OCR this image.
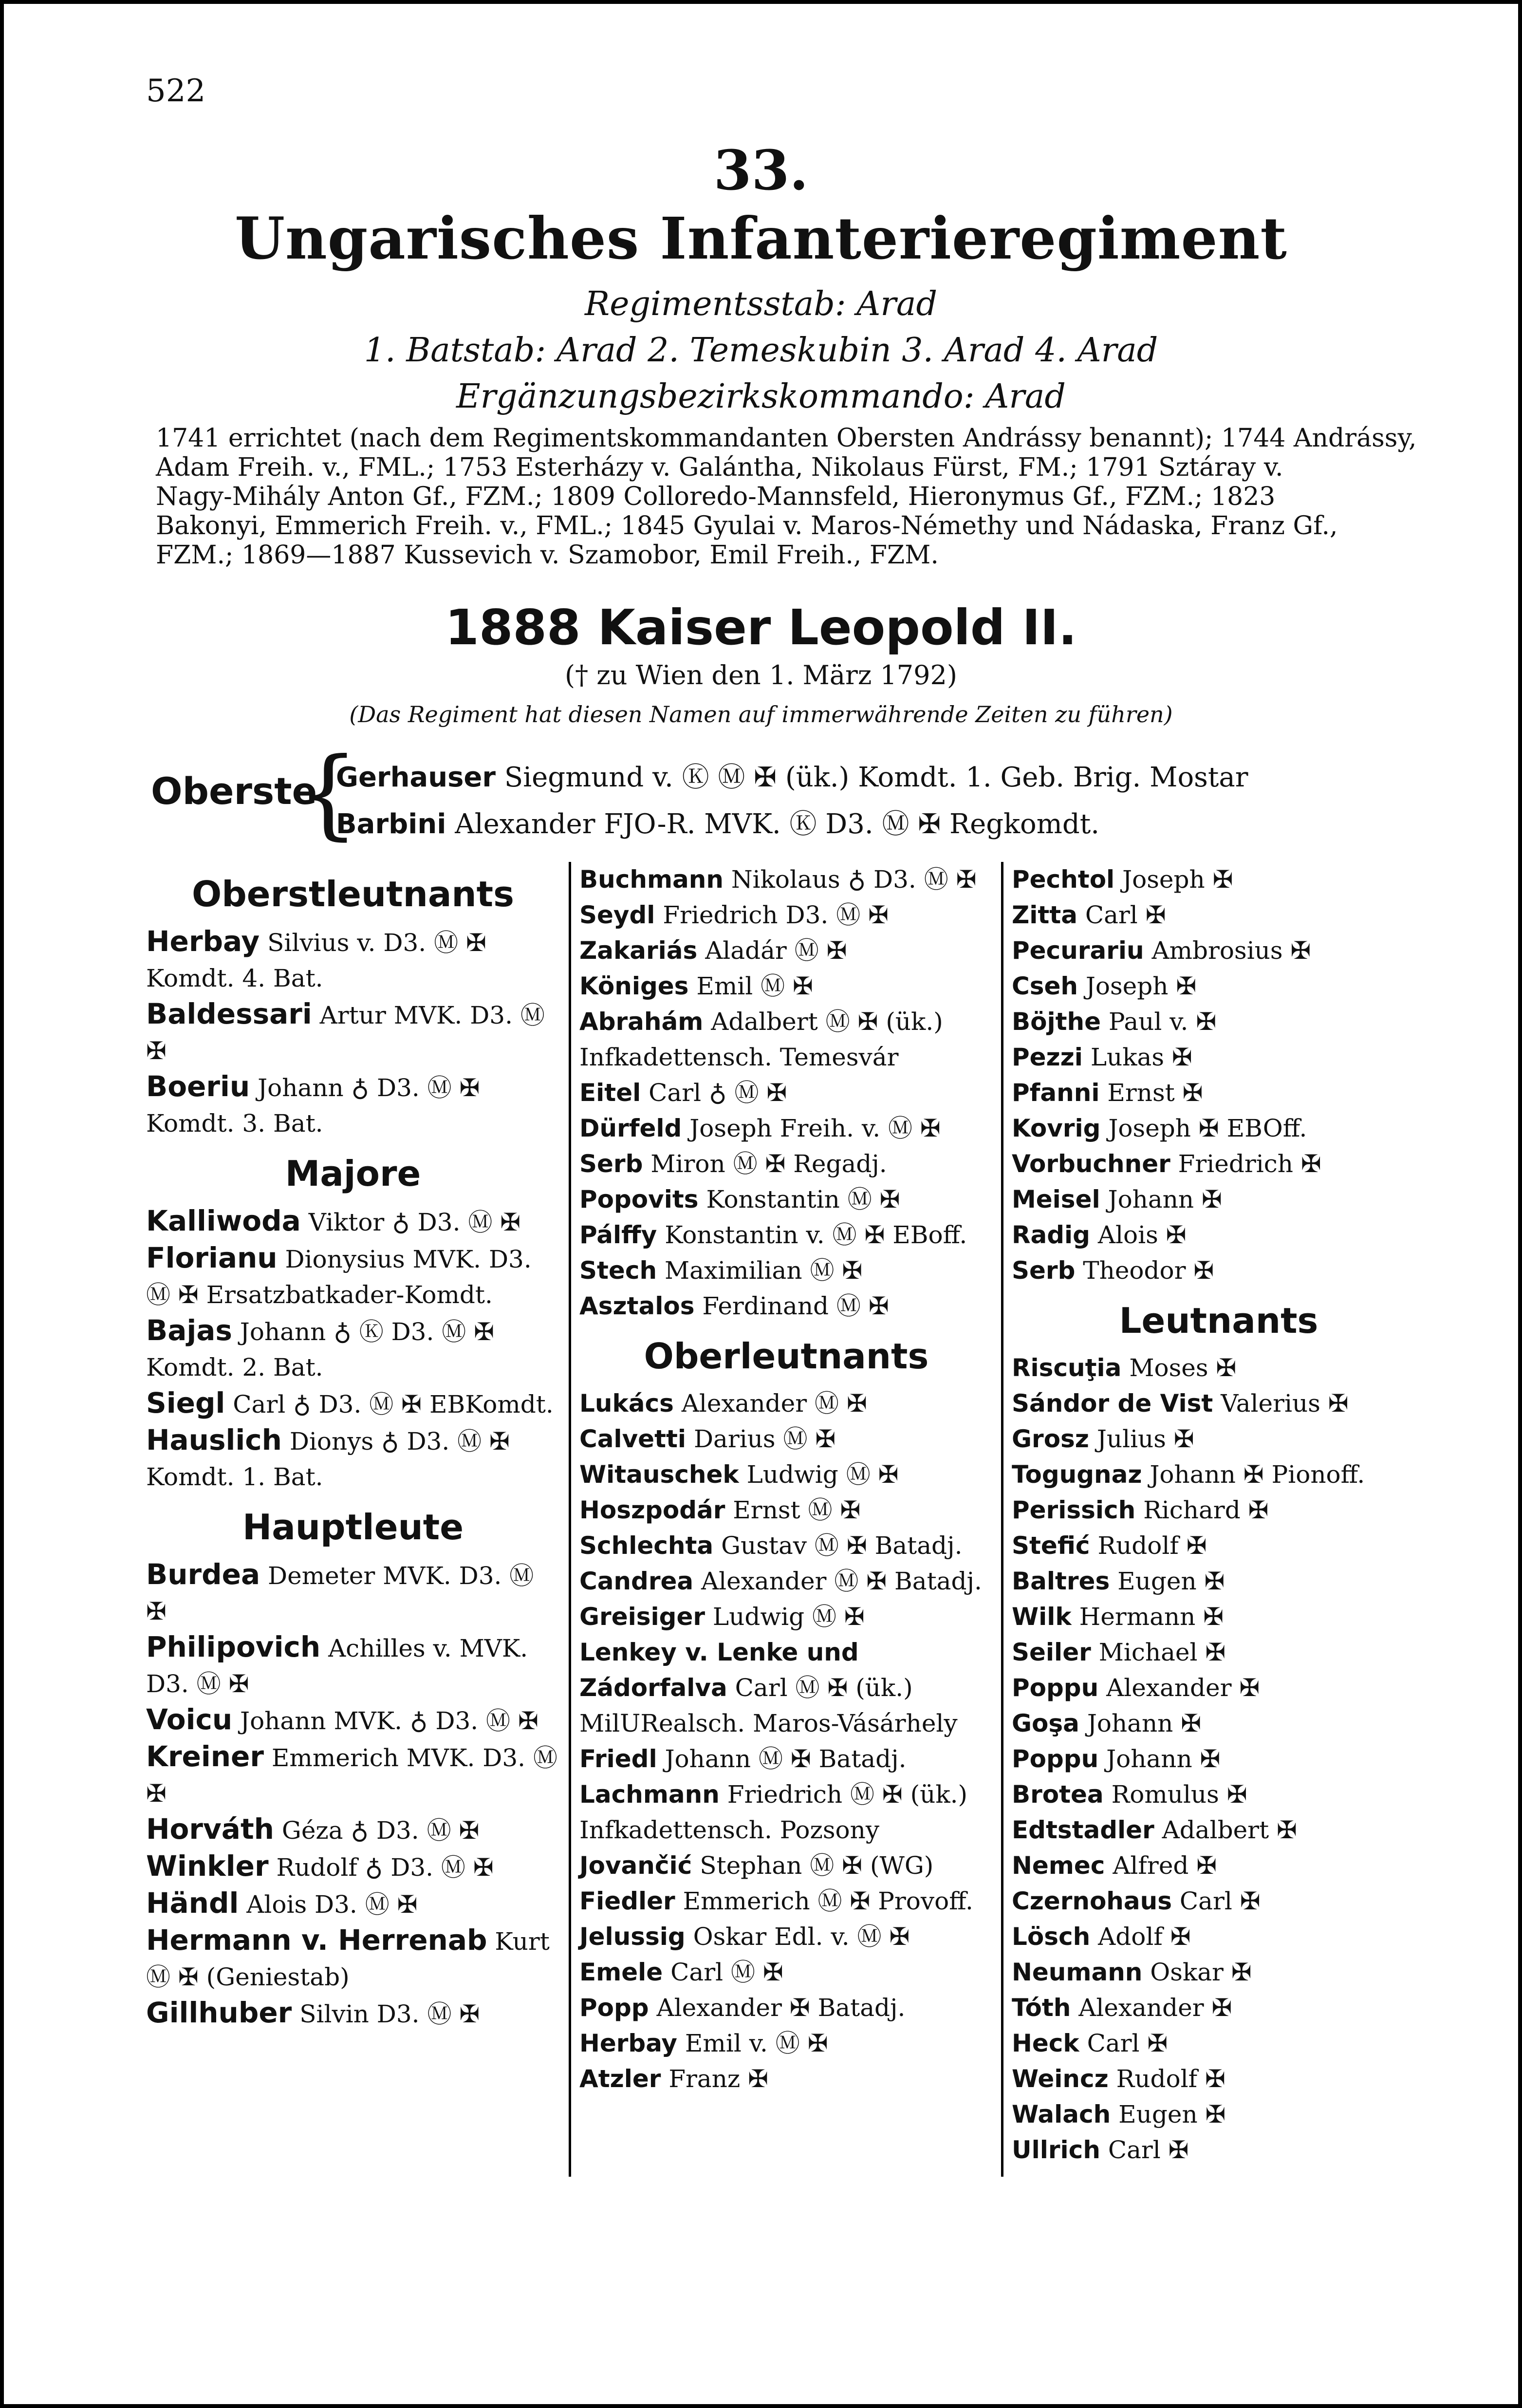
522
33.
Ungarisches Infanterieregiment
Regimentsstab: Arad
1. Batstab: Arad 2. Temeskubin 3. Arad 4. Arad
Ergänzungsbezirkskommando: Arad

1741 errichtet (nach dem Regimentskommandanten Obersten Andrássy benannt); 1744 Andrássy,

Adam Freih. v., FML.; 1753 Esterházy v. Galántha, Nikolaus Fürst, FM.; 1791 Sztáray v.

Nagy-Mihály Anton Gf., FZM.; 1809 Colloredo-Mannsfeld, Hieronymus Gf., FZM.; 1823

Bakonyi, Emmerich Freih. v., FML.; 1845 Gyulai v. Maros-Némethy und Nádaska, Franz Gf.,

FZM.; 1869—1887 Kussevich v. Szamobor, Emil Freih., FZM.

1888 Kaiser Leopold II.
(† zu Wien den 1. März 1792)
(Das Regiment hat diesen Namen auf immerwährende Zeiten zu führen)
Oberste
{
Gerhauser Siegmund v. Ⓚ Ⓜ ✠ (ük.) Komdt. 1. Geb. Brig. Mostar
Barbini Alexander FJO-R. MVK. Ⓚ D3. Ⓜ ✠ Regkomdt.
Oberstleutnants

Herbay Silvius v. D3. Ⓜ ✠ Komdt. 4. Bat.

Baldessari Artur MVK. D3. Ⓜ ✠

Boeriu Johann ♁ D3. Ⓜ ✠ Komdt. 3. Bat.

Majore

Kalliwoda Viktor ♁ D3. Ⓜ ✠

Florianu Dionysius MVK. D3. Ⓜ ✠ Ersatzbatkader-Komdt.

Bajas Johann ♁ Ⓚ D3. Ⓜ ✠ Komdt. 2. Bat.

Siegl Carl ♁ D3. Ⓜ ✠ EBKomdt.

Hauslich Dionys ♁ D3. Ⓜ ✠ Komdt. 1. Bat.

Hauptleute

Burdea Demeter MVK. D3. Ⓜ ✠

Philipovich Achilles v. MVK. D3. Ⓜ ✠

Voicu Johann MVK. ♁ D3. Ⓜ ✠

Kreiner Emmerich MVK. D3. Ⓜ ✠

Horváth Géza ♁ D3. Ⓜ ✠

Winkler Rudolf ♁ D3. Ⓜ ✠

Händl Alois D3. Ⓜ ✠

Hermann v. Herrenab Kurt Ⓜ ✠ (Geniestab)

Gillhuber Silvin D3. Ⓜ ✠

Buchmann Nikolaus ♁ D3. Ⓜ ✠

Seydl Friedrich D3. Ⓜ ✠

Zakariás Aladár Ⓜ ✠

Königes Emil Ⓜ ✠

Abrahám Adalbert Ⓜ ✠ (ük.) Infkadettensch. Temesvár

Eitel Carl ♁ Ⓜ ✠

Dürfeld Joseph Freih. v. Ⓜ ✠

Serb Miron Ⓜ ✠ Regadj.

Popovits Konstantin Ⓜ ✠

Pálffy Konstantin v. Ⓜ ✠ EBoff.

Stech Maximilian Ⓜ ✠

Asztalos Ferdinand Ⓜ ✠

Oberleutnants

Lukács Alexander Ⓜ ✠

Calvetti Darius Ⓜ ✠

Witauschek Ludwig Ⓜ ✠

Hoszpodár Ernst Ⓜ ✠

Schlechta Gustav Ⓜ ✠ Batadj.

Candrea Alexander Ⓜ ✠ Batadj.

Greisiger Ludwig Ⓜ ✠

Lenkey v. Lenke und Zádorfalva Carl Ⓜ ✠ (ük.) MilURealsch. Maros-Vásárhely

Friedl Johann Ⓜ ✠ Batadj.

Lachmann Friedrich Ⓜ ✠ (ük.) Infkadettensch. Pozsony

Jovančić Stephan Ⓜ ✠ (WG)

Fiedler Emmerich Ⓜ ✠ Provoff.

Jelussig Oskar Edl. v. Ⓜ ✠

Emele Carl Ⓜ ✠

Popp Alexander ✠ Batadj.

Herbay Emil v. Ⓜ ✠

Atzler Franz ✠

Pechtol Joseph ✠

Zitta Carl ✠

Pecurariu Ambrosius ✠

Cseh Joseph ✠

Böjthe Paul v. ✠

Pezzi Lukas ✠

Pfanni Ernst ✠

Kovrig Joseph ✠ EBOff.

Vorbuchner Friedrich ✠

Meisel Johann ✠

Radig Alois ✠

Serb Theodor ✠

Leutnants

Riscuţia Moses ✠

Sándor de Vist Valerius ✠

Grosz Julius ✠

Togugnaz Johann ✠ Pionoff.

Perissich Richard ✠

Stefić Rudolf ✠

Baltres Eugen ✠

Wilk Hermann ✠

Seiler Michael ✠

Poppu Alexander ✠

Goşa Johann ✠

Poppu Johann ✠

Brotea Romulus ✠

Edtstadler Adalbert ✠

Nemec Alfred ✠

Czernohaus Carl ✠

Lösch Adolf ✠

Neumann Oskar ✠

Tóth Alexander ✠

Heck Carl ✠

Weincz Rudolf ✠

Walach Eugen ✠

Ullrich Carl ✠
